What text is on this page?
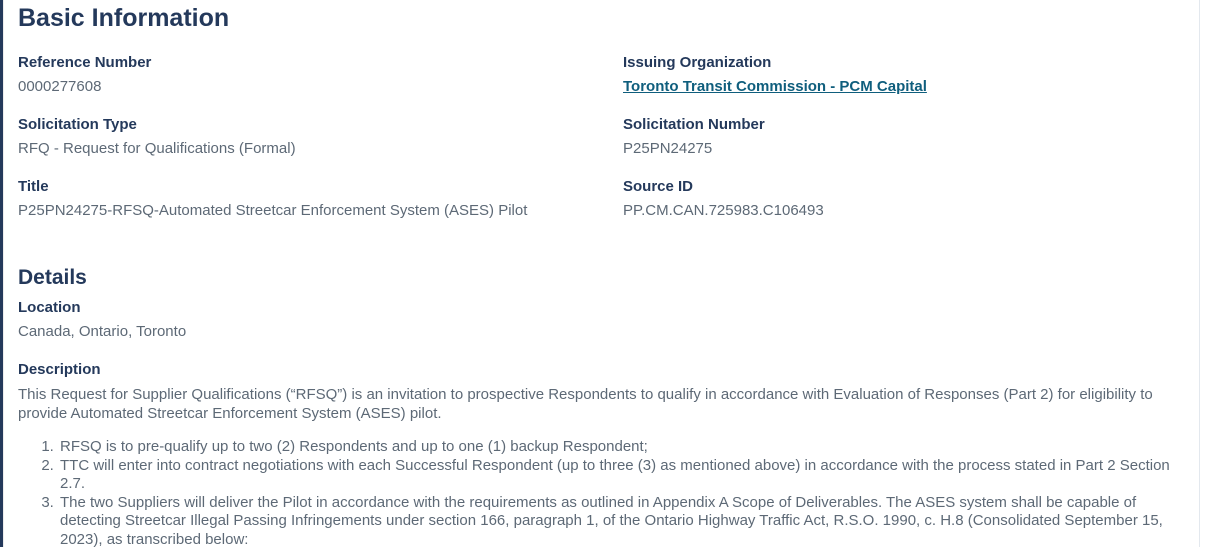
Basic Information
Reference Number
0000277608
Issuing Organization
Toronto Transit Commission - PCM Capital
Solicitation Type
RFQ - Request for Qualifications (Formal)
Solicitation Number
P25PN24275
Title
P25PN24275-RFSQ-Automated Streetcar Enforcement System (ASES) Pilot
Source ID
PP.CM.CAN.725983.C106493
Details
Location
Canada, Ontario, Toronto
Description

This Request for Supplier Qualifications (“RFSQ”) is an invitation to prospective Respondents to qualify in accordance with Evaluation of Responses (Part 2) for eligibility to provide Automated Streetcar Enforcement System (ASES) pilot.

1. RFSQ is to pre-qualify up to two (2) Respondents and up to one (1) backup Respondent;
2. TTC will enter into contract negotiations with each Successful Respondent (up to three (3) as mentioned above) in accordance with the process stated in Part 2 Section 2.7.
3. The two Suppliers will deliver the Pilot in accordance with the requirements as outlined in Appendix A Scope of Deliverables. The ASES system shall be capable of detecting Streetcar Illegal Passing Infringements under section 166, paragraph 1, of the Ontario Highway Traffic Act, R.S.O. 1990, c. H.8 (Consolidated September 15, 2023), as transcribed below:
